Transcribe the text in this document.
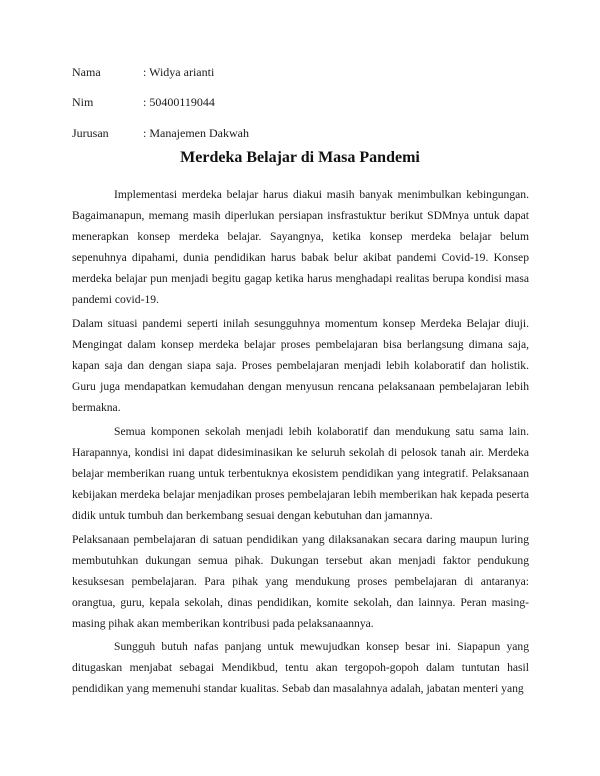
Nama	: Widya arianti
Nim	: 50400119044
Jurusan	: Manajemen Dakwah
Merdeka Belajar di Masa Pandemi

Implementasi merdeka belajar harus diakui masih banyak menimbulkan kebingungan. Bagaimanapun, memang masih diperlukan persiapan insfrastuktur berikut SDMnya untuk dapat menerapkan konsep merdeka belajar. Sayangnya, ketika konsep merdeka belajar belum sepenuhnya dipahami, dunia pendidikan harus babak belur akibat pandemi Covid-19. Konsep merdeka belajar pun menjadi begitu gagap ketika harus menghadapi realitas berupa kondisi masa pandemi covid-19.

Dalam situasi pandemi seperti inilah sesungguhnya momentum konsep Merdeka Belajar diuji. Mengingat dalam konsep merdeka belajar proses pembelajaran bisa berlangsung dimana saja, kapan saja dan dengan siapa saja. Proses pembelajaran menjadi lebih kolaboratif dan holistik. Guru juga mendapatkan kemudahan dengan menyusun rencana pelaksanaan pembelajaran lebih bermakna.

Semua komponen sekolah menjadi lebih kolaboratif dan mendukung satu sama lain. Harapannya, kondisi ini dapat didesiminasikan ke seluruh sekolah di pelosok tanah air. Merdeka belajar memberikan ruang untuk terbentuknya ekosistem pendidikan yang integratif. Pelaksanaan kebijakan merdeka belajar menjadikan proses pembelajaran lebih memberikan hak kepada peserta didik untuk tumbuh dan berkembang sesuai dengan kebutuhan dan jamannya.

Pelaksanaan pembelajaran di satuan pendidikan yang dilaksanakan secara daring maupun luring membutuhkan dukungan semua pihak. Dukungan tersebut akan menjadi faktor pendukung kesuksesan pembelajaran. Para pihak yang mendukung proses pembelajaran di antaranya: orangtua, guru, kepala sekolah, dinas pendidikan, komite sekolah, dan lainnya. Peran masing-masing pihak akan memberikan kontribusi pada pelaksanaannya.

Sungguh butuh nafas panjang untuk mewujudkan konsep besar ini. Siapapun yang ditugaskan menjabat sebagai Mendikbud, tentu akan tergopoh-gopoh dalam tuntutan hasil pendidikan yang memenuhi standar kualitas. Sebab dan masalahnya adalah, jabatan menteri yang
